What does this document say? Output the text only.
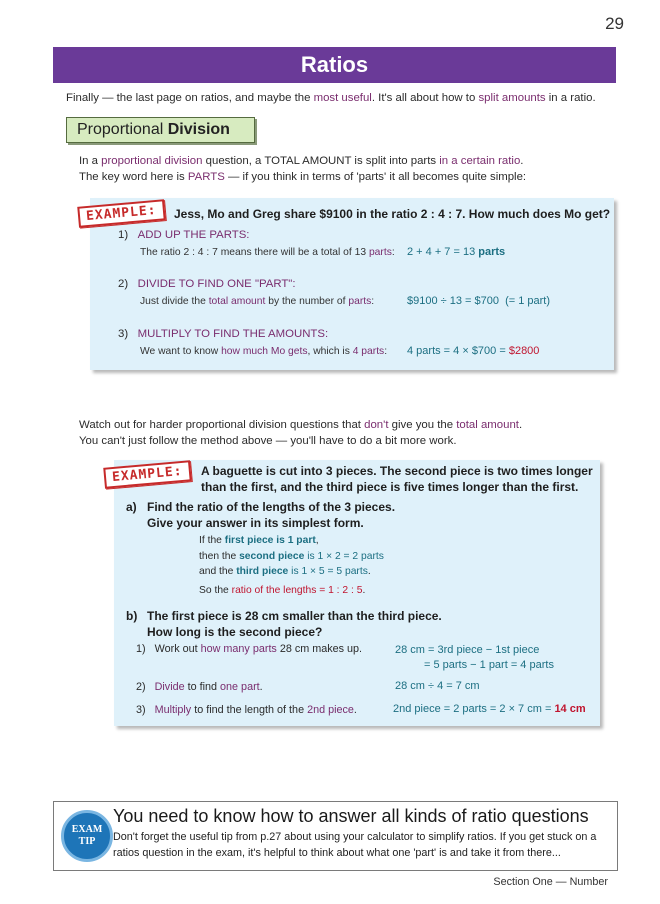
29
Ratios
Finally — the last page on ratios, and maybe the most useful. It's all about how to split amounts in a ratio.
Proportional Division
In a proportional division question, a TOTAL AMOUNT is split into parts in a certain ratio.
The key word here is PARTS — if you think in terms of 'parts' it all becomes quite simple:
EXAMPLE:	Jess, Mo and Greg share $9100 in the ratio 2 : 4 : 7. How much does Mo get?
1) ADD UP THE PARTS:
The ratio 2 : 4 : 7 means there will be a total of 13 parts: 2 + 4 + 7 = 13 parts
2) DIVIDE TO FIND ONE "PART":
Just divide the total amount by the number of parts:	$9100 ÷ 13 = $700  (= 1 part)
3) MULTIPLY TO FIND THE AMOUNTS:
We want to know how much Mo gets, which is 4 parts: 4 parts = 4 × $700 = $2800
Watch out for harder proportional division questions that don't give you the total amount.
You can't just follow the method above — you'll have to do a bit more work.
EXAMPLE:	A baguette is cut into 3 pieces. The second piece is two times longer
than the first, and the third piece is five times longer than the first.
a) Find the ratio of the lengths of the 3 pieces.
Give your answer in its simplest form.
If the first piece is 1 part,
then the second piece is 1 × 2 = 2 parts
and the third piece is 1 × 5 = 5 parts.
So the ratio of the lengths = 1 : 2 : 5.
b) The first piece is 28 cm smaller than the third piece.
How long is the second piece?
1) Work out how many parts 28 cm makes up.	28 cm = 3rd piece − 1st piece
= 5 parts − 1 part = 4 parts
2) Divide to find one part.	28 cm ÷ 4 = 7 cm
3) Multiply to find the length of the 2nd piece.	2nd piece = 2 parts = 2 × 7 cm = 14 cm
EXAM
TIP
You need to know how to answer all kinds of ratio questions
Don't forget the useful tip from p.27 about using your calculator to simplify ratios. If you get stuck on a ratios question in the exam, it's helpful to think about what one 'part' is and take it from there...
Section One — Number
